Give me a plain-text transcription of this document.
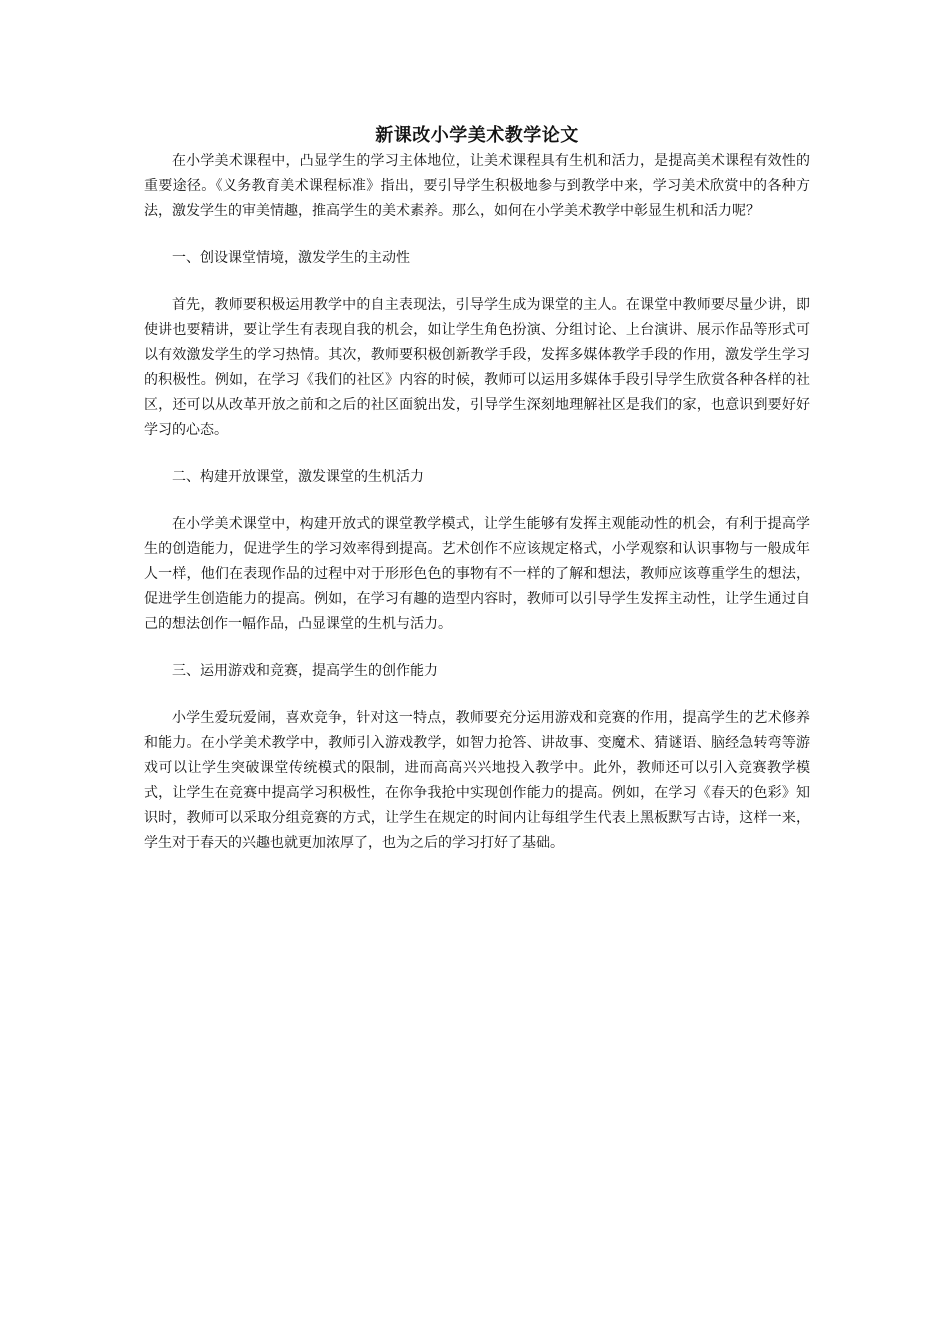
新课改小学美术教学论文

在小学美术课程中，凸显学生的学习主体地位，让美术课程具有生机和活力，是提高美术课程有效性的重要途径。《义务教育美术课程标准》指出，要引导学生积极地参与到教学中来，学习美术欣赏中的各种方法，激发学生的审美情趣，推高学生的美术素养。那么，如何在小学美术教学中彰显生机和活力呢？

一、创设课堂情境，激发学生的主动性

首先，教师要积极运用教学中的自主表现法，引导学生成为课堂的主人。在课堂中教师要尽量少讲，即使讲也要精讲，要让学生有表现自我的机会，如让学生角色扮演、分组讨论、上台演讲、展示作品等形式可以有效激发学生的学习热情。其次，教师要积极创新教学手段，发挥多媒体教学手段的作用，激发学生学习的积极性。例如，在学习《我们的社区》内容的时候，教师可以运用多媒体手段引导学生欣赏各种各样的社区，还可以从改革开放之前和之后的社区面貌出发，引导学生深刻地理解社区是我们的家，也意识到要好好学习的心态。

二、构建开放课堂，激发课堂的生机活力

在小学美术课堂中，构建开放式的课堂教学模式，让学生能够有发挥主观能动性的机会，有利于提高学生的创造能力，促进学生的学习效率得到提高。艺术创作不应该规定格式，小学观察和认识事物与一般成年人一样，他们在表现作品的过程中对于形形色色的事物有不一样的了解和想法，教师应该尊重学生的想法，促进学生创造能力的提高。例如，在学习有趣的造型内容时，教师可以引导学生发挥主动性，让学生通过自己的想法创作一幅作品，凸显课堂的生机与活力。

三、运用游戏和竞赛，提高学生的创作能力

小学生爱玩爱闹，喜欢竞争，针对这一特点，教师要充分运用游戏和竞赛的作用，提高学生的艺术修养和能力。在小学美术教学中，教师引入游戏教学，如智力抢答、讲故事、变魔术、猜谜语、脑经急转弯等游戏可以让学生突破课堂传统模式的限制，进而高高兴兴地投入教学中。此外，教师还可以引入竞赛教学模式，让学生在竞赛中提高学习积极性，在你争我抢中实现创作能力的提高。例如，在学习《春天的色彩》知识时，教师可以采取分组竞赛的方式，让学生在规定的时间内让每组学生代表上黑板默写古诗，这样一来，学生对于春天的兴趣也就更加浓厚了，也为之后的学习打好了基础。
